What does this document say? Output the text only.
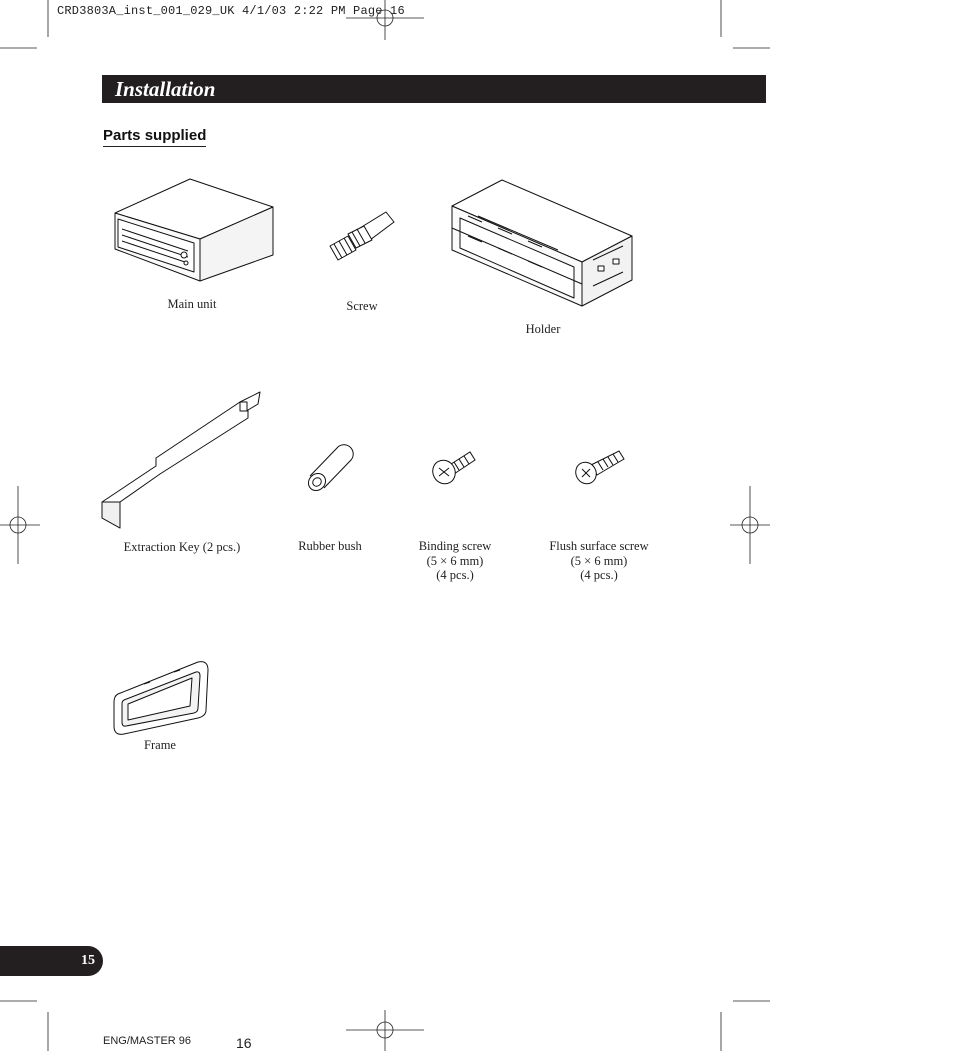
CRD3803A_inst_001_029_UK 4/1/03 2:22 PM Page 16
Installation
Parts supplied
Main unit	Screw
Holder
Extraction Key (2 pcs.)	Rubber bush	Binding screw
(5 × 6 mm)
(4 pcs.)
Flush surface screw
(5 × 6 mm)
(4 pcs.)
Frame
15
ENG/MASTER 96	16
